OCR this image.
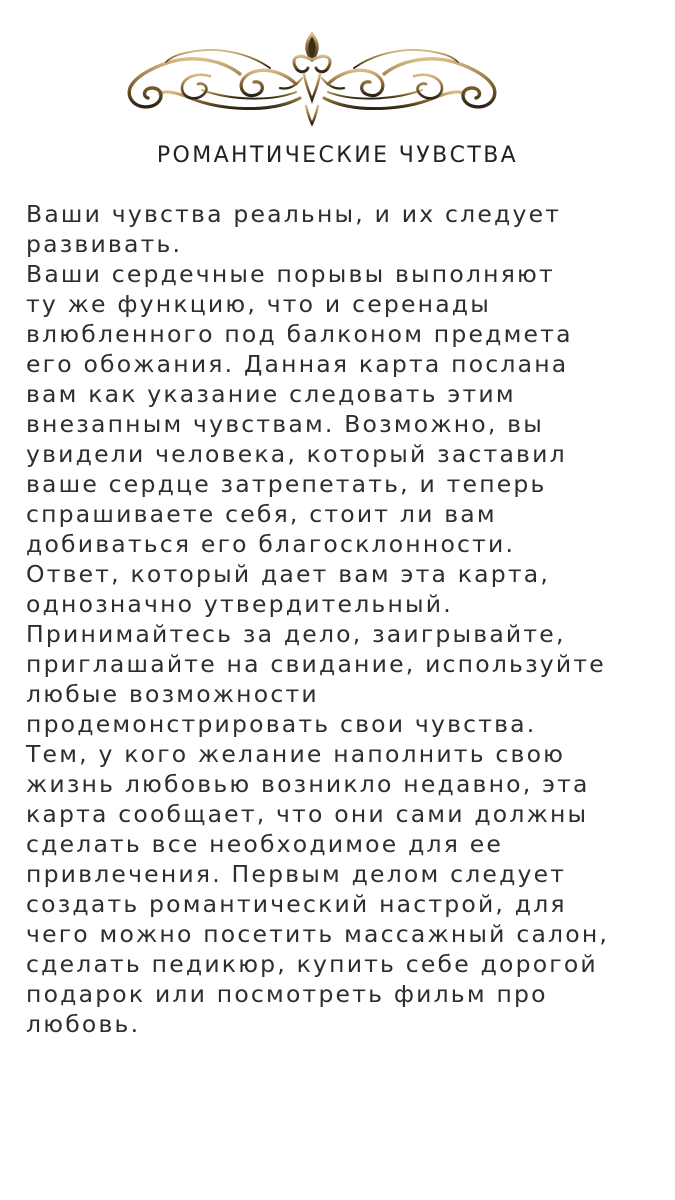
РОМАНТИЧЕСКИЕ ЧУВСТВА
Ваши чувства реальны, и их следует
развивать.
Ваши сердечные порывы выполняют
ту же функцию, что и серенады
влюбленного под балконом предмета
его обожания. Данная карта послана
вам как указание следовать этим
внезапным чувствам. Возможно, вы
увидели человека, который заставил
ваше сердце затрепетать, и теперь
спрашиваете себя, стоит ли вам
добиваться его благосклонности.
Ответ, который дает вам эта карта,
однозначно утвердительный.
Принимайтесь за дело, заигрывайте,
приглашайте на свидание, используйте
любые возможности
продемонстрировать свои чувства.
Тем, у кого желание наполнить свою
жизнь любовью возникло недавно, эта
карта сообщает, что они сами должны
сделать все необходимое для ее
привлечения. Первым делом следует
создать романтический настрой, для
чего можно посетить массажный салон,
сделать педикюр, купить себе дорогой
подарок или посмотреть фильм про
любовь.
